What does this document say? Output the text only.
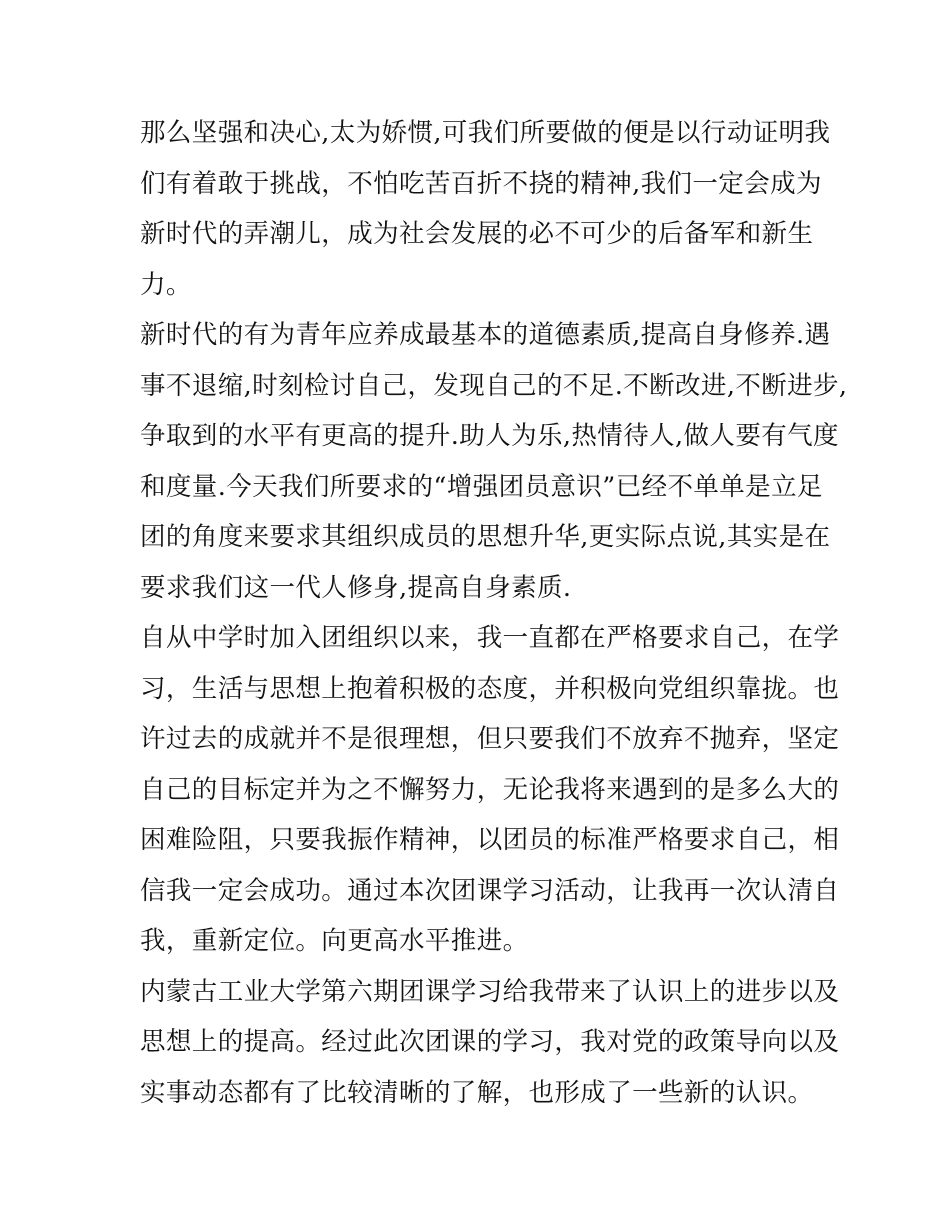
那么坚强和决心,太为娇惯,可我们所要做的便是以行动证明我
们有着敢于挑战，不怕吃苦百折不挠的精神,我们一定会成为
新时代的弄潮儿，成为社会发展的必不可少的后备军和新生
力。

新时代的有为青年应养成最基本的道德素质,提高自身修养.遇
事不退缩,时刻检讨自己，发现自己的不足.不断改进,不断进步,
争取到的水平有更高的提升.助人为乐,热情待人,做人要有气度
和度量.今天我们所要求的“增强团员意识”已经不单单是立足
团的角度来要求其组织成员的思想升华,更实际点说,其实是在
要求我们这一代人修身,提高自身素质.

自从中学时加入团组织以来，我一直都在严格要求自己，在学
习，生活与思想上抱着积极的态度，并积极向党组织靠拢。也
许过去的成就并不是很理想，但只要我们不放弃不抛弃，坚定
自己的目标定并为之不懈努力，无论我将来遇到的是多么大的
困难险阻，只要我振作精神，以团员的标准严格要求自己，相
信我一定会成功。通过本次团课学习活动，让我再一次认清自
我，重新定位。向更高水平推进。

内蒙古工业大学第六期团课学习给我带来了认识上的进步以及
思想上的提高。经过此次团课的学习，我对党的政策导向以及
实事动态都有了比较清晰的了解，也形成了一些新的认识。
